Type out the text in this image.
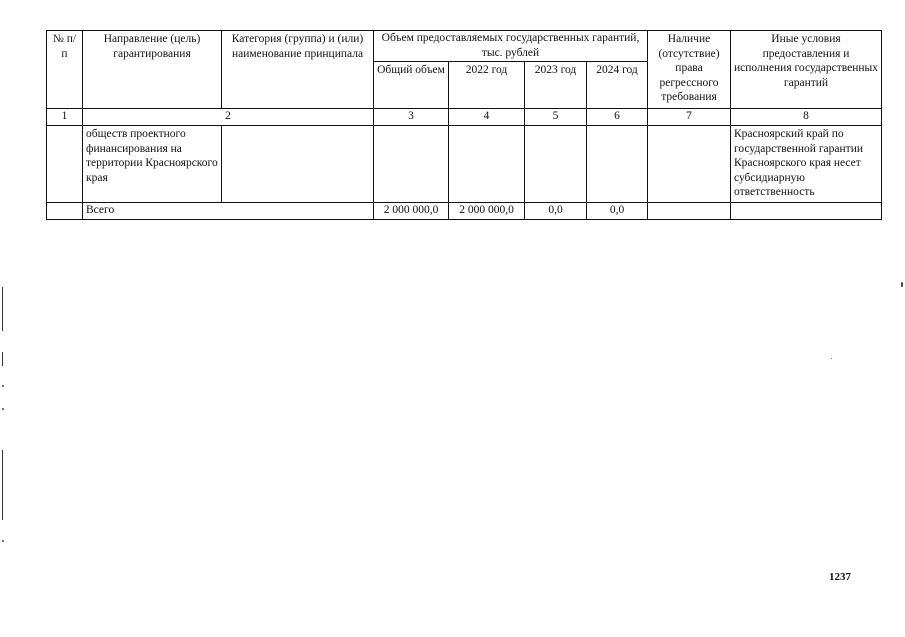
№ п/п	Направление (цель) гарантирования	Категория (группа) и (или) наименование принципала	Объем предоставляемых государственных гарантий, тыс. рублей				Наличие (отсутствие) права регрессного требования	Иные условия предоставления и исполнения государственных гарантий
			Общий объем	2022 год	2023 год	2024 год		
1	2		3	4	5	6	7	8
	обществ проектного финансирования на территории Красноярского края							Красноярский край по государственной гарантии Красноярского края несет субсидиарную ответственность
	Всего		2 000 000,0	2 000 000,0	0,0	0,0		
1237
